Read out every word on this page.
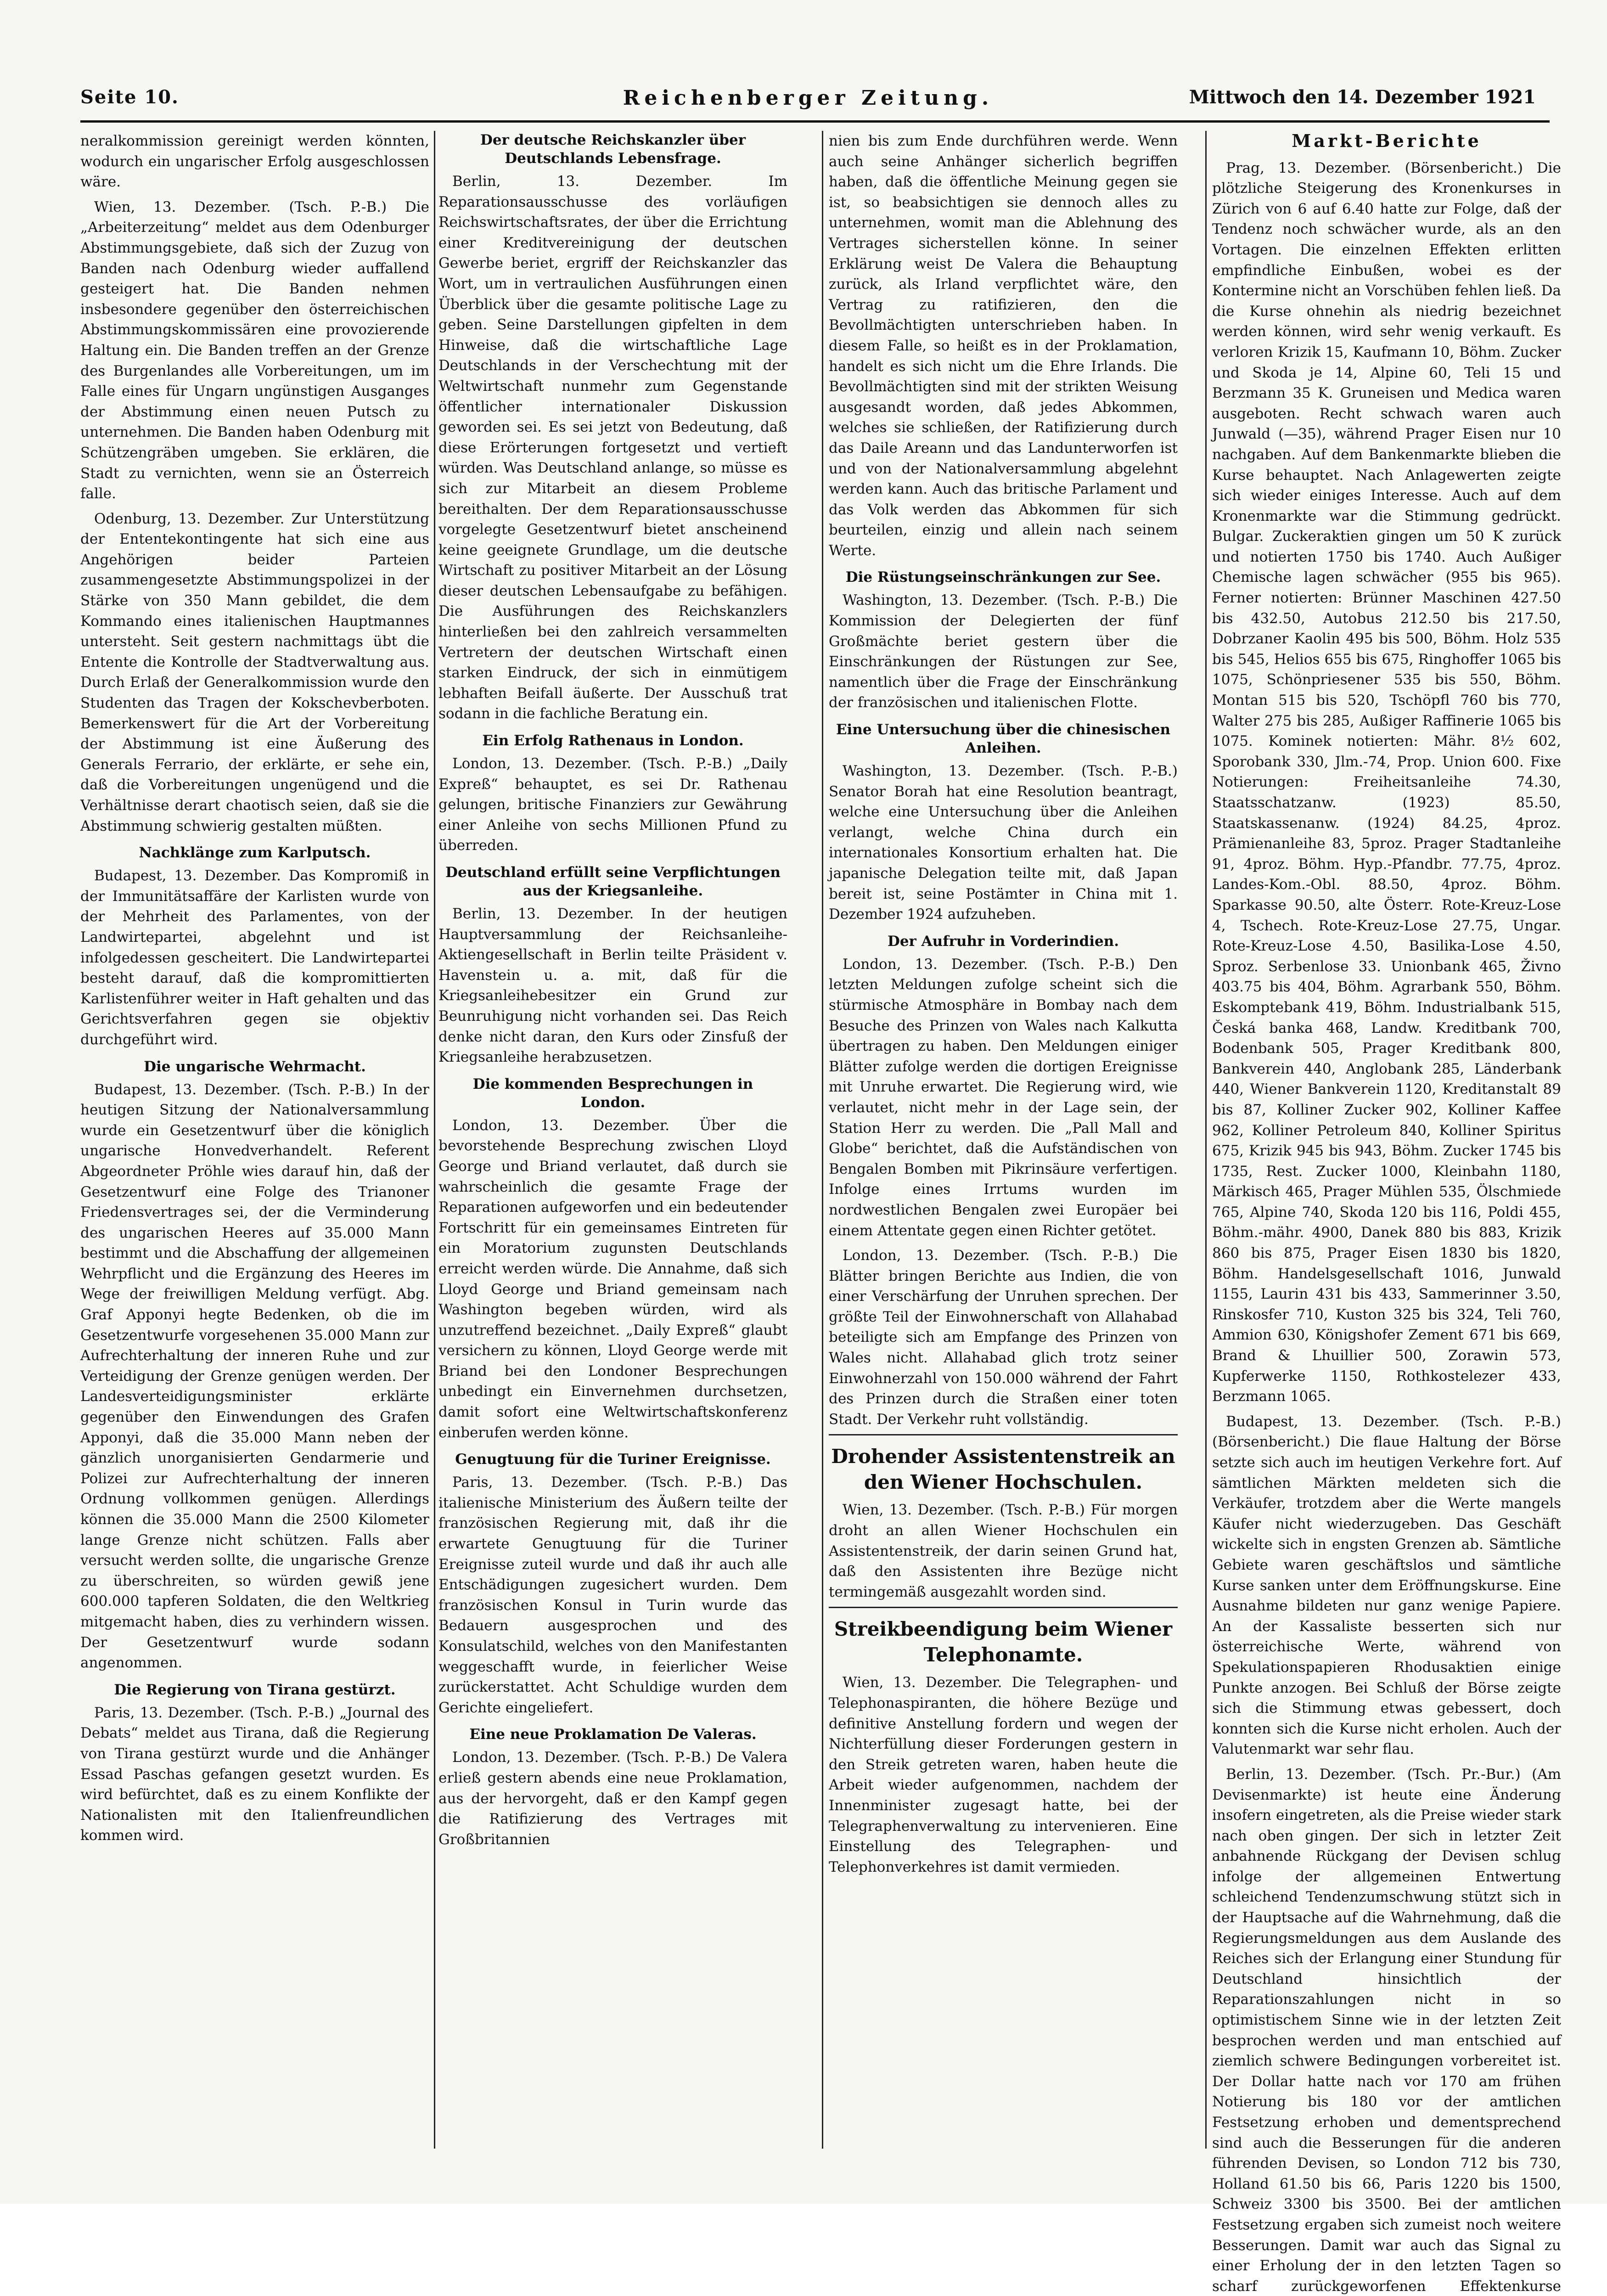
Seite 10.	Reichenberger Zeitung.	Mittwoch den 14. Dezember 1921

neralkommission gereinigt werden könnten, wodurch ein ungarischer Erfolg ausgeschlossen wäre.

Wien, 13. Dezember. (Tsch. P.-B.) Die „Arbeiterzeitung“ meldet aus dem Odenburger Abstimmungsgebiete, daß sich der Zuzug von Banden nach Odenburg wieder auffallend gesteigert hat. Die Banden nehmen insbesondere gegenüber den österreichischen Abstimmungskommissären eine provozierende Haltung ein. Die Banden treffen an der Grenze des Burgenlandes alle Vorbereitungen, um im Falle eines für Ungarn ungünstigen Ausganges der Abstimmung einen neuen Putsch zu unternehmen. Die Banden haben Odenburg mit Schützengräben umgeben. Sie erklären, die Stadt zu vernichten, wenn sie an Österreich falle.

Odenburg, 13. Dezember. Zur Unterstützung der Ententekontingente hat sich eine aus Angehörigen beider Parteien zusammengesetzte Abstimmungspolizei in der Stärke von 350 Mann gebildet, die dem Kommando eines italienischen Hauptmannes untersteht. Seit gestern nachmittags übt die Entente die Kontrolle der Stadtverwaltung aus. Durch Erlaß der Generalkommission wurde den Studenten das Tragen der Kokschevberboten. Bemerkenswert für die Art der Vorbereitung der Abstimmung ist eine Äußerung des Generals Ferrario, der erklärte, er sehe ein, daß die Vorbereitungen ungenügend und die Verhältnisse derart chaotisch seien, daß sie die Abstimmung schwierig gestalten müßten.

Nachklänge zum Karlputsch.

Budapest, 13. Dezember. Das Kompromiß in der Immunitätsaffäre der Karlisten wurde von der Mehrheit des Parlamentes, von der Landwirtepartei, abgelehnt und ist infolgedessen gescheitert. Die Landwirtepartei besteht darauf, daß die kompromittierten Karlistenführer weiter in Haft gehalten und das Gerichtsverfahren gegen sie objektiv durchgeführt wird.

Die ungarische Wehrmacht.

Budapest, 13. Dezember. (Tsch. P.-B.) In der heutigen Sitzung der Nationalversammlung wurde ein Gesetzentwurf über die königlich ungarische Honvedverhandelt. Referent Abgeordneter Pröhle wies darauf hin, daß der Gesetzentwurf eine Folge des Trianoner Friedensvertrages sei, der die Verminderung des ungarischen Heeres auf 35.000 Mann bestimmt und die Abschaffung der allgemeinen Wehrpflicht und die Ergänzung des Heeres im Wege der freiwilligen Meldung verfügt. Abg. Graf Apponyi hegte Bedenken, ob die im Gesetzentwurfe vorgesehenen 35.000 Mann zur Aufrechterhaltung der inneren Ruhe und zur Verteidigung der Grenze genügen werden. Der Landesverteidigungsminister erklärte gegenüber den Einwendungen des Grafen Apponyi, daß die 35.000 Mann neben der gänzlich unorganisierten Gendarmerie und Polizei zur Aufrechterhaltung der inneren Ordnung vollkommen genügen. Allerdings können die 35.000 Mann die 2500 Kilometer lange Grenze nicht schützen. Falls aber versucht werden sollte, die ungarische Grenze zu überschreiten, so würden gewiß jene 600.000 tapferen Soldaten, die den Weltkrieg mitgemacht haben, dies zu verhindern wissen. Der Gesetzentwurf wurde sodann angenommen.

Die Regierung von Tirana gestürzt.

Paris, 13. Dezember. (Tsch. P.-B.) „Journal des Debats“ meldet aus Tirana, daß die Regierung von Tirana gestürzt wurde und die Anhänger Essad Paschas gefangen gesetzt wurden. Es wird befürchtet, daß es zu einem Konflikte der Nationalisten mit den Italienfreundlichen kommen wird.

Der deutsche Reichskanzler über Deutschlands Lebensfrage.

Berlin, 13. Dezember. Im Reparationsausschusse des vorläufigen Reichswirtschaftsrates, der über die Errichtung einer Kreditvereinigung der deutschen Gewerbe beriet, ergriff der Reichskanzler das Wort, um in vertraulichen Ausführungen einen Überblick über die gesamte politische Lage zu geben. Seine Darstellungen gipfelten in dem Hinweise, daß die wirtschaftliche Lage Deutschlands in der Verschechtung mit der Weltwirtschaft nunmehr zum Gegenstande öffentlicher internationaler Diskussion geworden sei. Es sei jetzt von Bedeutung, daß diese Erörterungen fortgesetzt und vertieft würden. Was Deutschland anlange, so müsse es sich zur Mitarbeit an diesem Probleme bereithalten. Der dem Reparationsausschusse vorgelegte Gesetzentwurf bietet anscheinend keine geeignete Grundlage, um die deutsche Wirtschaft zu positiver Mitarbeit an der Lösung dieser deutschen Lebensaufgabe zu befähigen. Die Ausführungen des Reichskanzlers hinterließen bei den zahlreich versammelten Vertretern der deutschen Wirtschaft einen starken Eindruck, der sich in einmütigem lebhaften Beifall äußerte. Der Ausschuß trat sodann in die fachliche Beratung ein.

Ein Erfolg Rathenaus in London.

London, 13. Dezember. (Tsch. P.-B.) „Daily Expreß“ behauptet, es sei Dr. Rathenau gelungen, britische Finanziers zur Gewährung einer Anleihe von sechs Millionen Pfund zu überreden.

Deutschland erfüllt seine Verpflichtungen aus der Kriegsanleihe.

Berlin, 13. Dezember. In der heutigen Hauptversammlung der Reichsanleihe-Aktiengesellschaft in Berlin teilte Präsident v. Havenstein u. a. mit, daß für die Kriegsanleihebesitzer ein Grund zur Beunruhigung nicht vorhanden sei. Das Reich denke nicht daran, den Kurs oder Zinsfuß der Kriegsanleihe herabzusetzen.

Die kommenden Besprechungen in London.

London, 13. Dezember. Über die bevorstehende Besprechung zwischen Lloyd George und Briand verlautet, daß durch sie wahrscheinlich die gesamte Frage der Reparationen aufgeworfen und ein bedeutender Fortschritt für ein gemeinsames Eintreten für ein Moratorium zugunsten Deutschlands erreicht werden würde. Die Annahme, daß sich Lloyd George und Briand gemeinsam nach Washington begeben würden, wird als unzutreffend bezeichnet. „Daily Expreß“ glaubt versichern zu können, Lloyd George werde mit Briand bei den Londoner Besprechungen unbedingt ein Einvernehmen durchsetzen, damit sofort eine Weltwirtschaftskonferenz einberufen werden könne.

Genugtuung für die Turiner Ereignisse.

Paris, 13. Dezember. (Tsch. P.-B.) Das italienische Ministerium des Äußern teilte der französischen Regierung mit, daß ihr die erwartete Genugtuung für die Turiner Ereignisse zuteil wurde und daß ihr auch alle Entschädigungen zugesichert wurden. Dem französischen Konsul in Turin wurde das Bedauern ausgesprochen und des Konsulatschild, welches von den Manifestanten weggeschafft wurde, in feierlicher Weise zurückerstattet. Acht Schuldige wurden dem Gerichte eingeliefert.

Eine neue Proklamation De Valeras.

London, 13. Dezember. (Tsch. P.-B.) De Valera erließ gestern abends eine neue Proklamation, aus der hervorgeht, daß er den Kampf gegen die Ratifizierung des Vertrages mit Großbritannien

nien bis zum Ende durchführen werde. Wenn auch seine Anhänger sicherlich begriffen haben, daß die öffentliche Meinung gegen sie ist, so beabsichtigen sie dennoch alles zu unternehmen, womit man die Ablehnung des Vertrages sicherstellen könne. In seiner Erklärung weist De Valera die Behauptung zurück, als Irland verpflichtet wäre, den Vertrag zu ratifizieren, den die Bevollmächtigten unterschrieben haben. In diesem Falle, so heißt es in der Proklamation, handelt es sich nicht um die Ehre Irlands. Die Bevollmächtigten sind mit der strikten Weisung ausgesandt worden, daß jedes Abkommen, welches sie schließen, der Ratifizierung durch das Daile Areann und das Landunterworfen ist und von der Nationalversammlung abgelehnt werden kann. Auch das britische Parlament und das Volk werden das Abkommen für sich beurteilen, einzig und allein nach seinem Werte.

Die Rüstungseinschränkungen zur See.

Washington, 13. Dezember. (Tsch. P.-B.) Die Kommission der Delegierten der fünf Großmächte beriet gestern über die Einschränkungen der Rüstungen zur See, namentlich über die Frage der Einschränkung der französischen und italienischen Flotte.

Eine Untersuchung über die chinesischen Anleihen.

Washington, 13. Dezember. (Tsch. P.-B.) Senator Borah hat eine Resolution beantragt, welche eine Untersuchung über die Anleihen verlangt, welche China durch ein internationales Konsortium erhalten hat. Die japanische Delegation teilte mit, daß Japan bereit ist, seine Postämter in China mit 1. Dezember 1924 aufzuheben.

Der Aufruhr in Vorderindien.

London, 13. Dezember. (Tsch. P.-B.) Den letzten Meldungen zufolge scheint sich die stürmische Atmosphäre in Bombay nach dem Besuche des Prinzen von Wales nach Kalkutta übertragen zu haben. Den Meldungen einiger Blätter zufolge werden die dortigen Ereignisse mit Unruhe erwartet. Die Regierung wird, wie verlautet, nicht mehr in der Lage sein, der Station Herr zu werden. Die „Pall Mall and Globe“ berichtet, daß die Aufständischen von Bengalen Bomben mit Pikrinsäure verfertigen. Infolge eines Irrtums wurden im nordwestlichen Bengalen zwei Europäer bei einem Attentate gegen einen Richter getötet.

London, 13. Dezember. (Tsch. P.-B.) Die Blätter bringen Berichte aus Indien, die von einer Verschärfung der Unruhen sprechen. Der größte Teil der Einwohnerschaft von Allahabad beteiligte sich am Empfange des Prinzen von Wales nicht. Allahabad glich trotz seiner Einwohnerzahl von 150.000 während der Fahrt des Prinzen durch die Straßen einer toten Stadt. Der Verkehr ruht vollständig.

Drohender Assistentenstreik an den Wiener Hochschulen.

Wien, 13. Dezember. (Tsch. P.-B.) Für morgen droht an allen Wiener Hochschulen ein Assistentenstreik, der darin seinen Grund hat, daß den Assistenten ihre Bezüge nicht termingemäß ausgezahlt worden sind.

Streikbeendigung beim Wiener Telephonamte.

Wien, 13. Dezember. Die Telegraphen- und Telephonaspiranten, die höhere Bezüge und definitive Anstellung fordern und wegen der Nichterfüllung dieser Forderungen gestern in den Streik getreten waren, haben heute die Arbeit wieder aufgenommen, nachdem der Innenminister zugesagt hatte, bei der Telegraphenverwaltung zu intervenieren. Eine Einstellung des Telegraphen- und Telephonverkehres ist damit vermieden.

Markt-Berichte

Prag, 13. Dezember. (Börsenbericht.) Die plötzliche Steigerung des Kronenkurses in Zürich von 6 auf 6.40 hatte zur Folge, daß der Tendenz noch schwächer wurde, als an den Vortagen. Die einzelnen Effekten erlitten empfindliche Einbußen, wobei es der Kontermine nicht an Vorschüben fehlen ließ. Da die Kurse ohnehin als niedrig bezeichnet werden können, wird sehr wenig verkauft. Es verloren Krizik 15, Kaufmann 10, Böhm. Zucker und Skoda je 14, Alpine 60, Teli 15 und Berzmann 35 K. Gruneisen und Medica waren ausgeboten. Recht schwach waren auch Junwald (—35), während Prager Eisen nur 10 nachgaben. Auf dem Bankenmarkte blieben die Kurse behauptet. Nach Anlagewerten zeigte sich wieder einiges Interesse. Auch auf dem Kronenmarkte war die Stimmung gedrückt. Bulgar. Zuckeraktien gingen um 50 K zurück und notierten 1750 bis 1740. Auch Außiger Chemische lagen schwächer (955 bis 965). Ferner notierten: Brünner Maschinen 427.50 bis 432.50, Autobus 212.50 bis 217.50, Dobrzaner Kaolin 495 bis 500, Böhm. Holz 535 bis 545, Helios 655 bis 675, Ringhoffer 1065 bis 1075, Schönpriesener 535 bis 550, Böhm. Montan 515 bis 520, Tschöpfl 760 bis 770, Walter 275 bis 285, Außiger Raffinerie 1065 bis 1075. Kominek notierten: Mähr. 8½ 602, Sporobank 330, Jlm.-74, Prop. Union 600. Fixe Notierungen: Freiheitsanleihe 74.30, Staatsschatzanw. (1923) 85.50, Staatskassenanw. (1924) 84.25, 4proz. Prämienanleihe 83, 5proz. Prager Stadtanleihe 91, 4proz. Böhm. Hyp.-Pfandbr. 77.75, 4proz. Landes-Kom.-Obl. 88.50, 4proz. Böhm. Sparkasse 90.50, alte Österr. Rote-Kreuz-Lose 4, Tschech. Rote-Kreuz-Lose 27.75, Ungar. Rote-Kreuz-Lose 4.50, Basilika-Lose 4.50, Sproz. Serbenlose 33. Unionbank 465, Živno 403.75 bis 404, Böhm. Agrarbank 550, Böhm. Eskomptebank 419, Böhm. Industrialbank 515, Česká banka 468, Landw. Kreditbank 700, Bodenbank 505, Prager Kreditbank 800, Bankverein 440, Anglobank 285, Länderbank 440, Wiener Bankverein 1120, Kreditanstalt 89 bis 87, Kolliner Zucker 902, Kolliner Kaffee 962, Kolliner Petroleum 840, Kolliner Spiritus 675, Krizik 945 bis 943, Böhm. Zucker 1745 bis 1735, Rest. Zucker 1000, Kleinbahn 1180, Märkisch 465, Prager Mühlen 535, Ölschmiede 765, Alpine 740, Skoda 120 bis 116, Poldi 455, Böhm.-mähr. 4900, Danek 880 bis 883, Krizik 860 bis 875, Prager Eisen 1830 bis 1820, Böhm. Handelsgesellschaft 1016, Junwald 1155, Laurin 431 bis 433, Sammerinner 3.50, Rinskosfer 710, Kuston 325 bis 324, Teli 760, Ammion 630, Königshofer Zement 671 bis 669, Brand & Lhuillier 500, Zorawin 573, Kupferwerke 1150, Rothkostelezer 433, Berzmann 1065.

Budapest, 13. Dezember. (Tsch. P.-B.) (Börsenbericht.) Die flaue Haltung der Börse setzte sich auch im heutigen Verkehre fort. Auf sämtlichen Märkten meldeten sich die Verkäufer, trotzdem aber die Werte mangels Käufer nicht wiederzugeben. Das Geschäft wickelte sich in engsten Grenzen ab. Sämtliche Gebiete waren geschäftslos und sämtliche Kurse sanken unter dem Eröffnungskurse. Eine Ausnahme bildeten nur ganz wenige Papiere. An der Kassaliste besserten sich nur österreichische Werte, während von Spekulationspapieren Rhodusaktien einige Punkte anzogen. Bei Schluß der Börse zeigte sich die Stimmung etwas gebessert, doch konnten sich die Kurse nicht erholen. Auch der Valutenmarkt war sehr flau.

Berlin, 13. Dezember. (Tsch. Pr.-Bur.) (Am Devisenmarkte) ist heute eine Änderung insofern eingetreten, als die Preise wieder stark nach oben gingen. Der sich in letzter Zeit anbahnende Rückgang der Devisen schlug infolge der allgemeinen Entwertung schleichend Tendenzumschwung stützt sich in der Hauptsache auf die Wahrnehmung, daß die Regierungsmeldungen aus dem Auslande des Reiches sich der Erlangung einer Stundung für Deutschland hinsichtlich der Reparationszahlungen nicht in so optimistischem Sinne wie in der letzten Zeit besprochen werden und man entschied auf ziemlich schwere Bedingungen vorbereitet ist. Der Dollar hatte nach vor 170 am frühen Notierung bis 180 vor der amtlichen Festsetzung erhoben und dementsprechend sind auch die Besserungen für die anderen führenden Devisen, so London 712 bis 730, Holland 61.50 bis 66, Paris 1220 bis 1500, Schweiz 3300 bis 3500. Bei der amtlichen Festsetzung ergaben sich zumeist noch weitere Besserungen. Damit war auch das Signal zu einer Erholung der in den letzten Tagen so scharf zurückgeworfenen Effektenkurse
